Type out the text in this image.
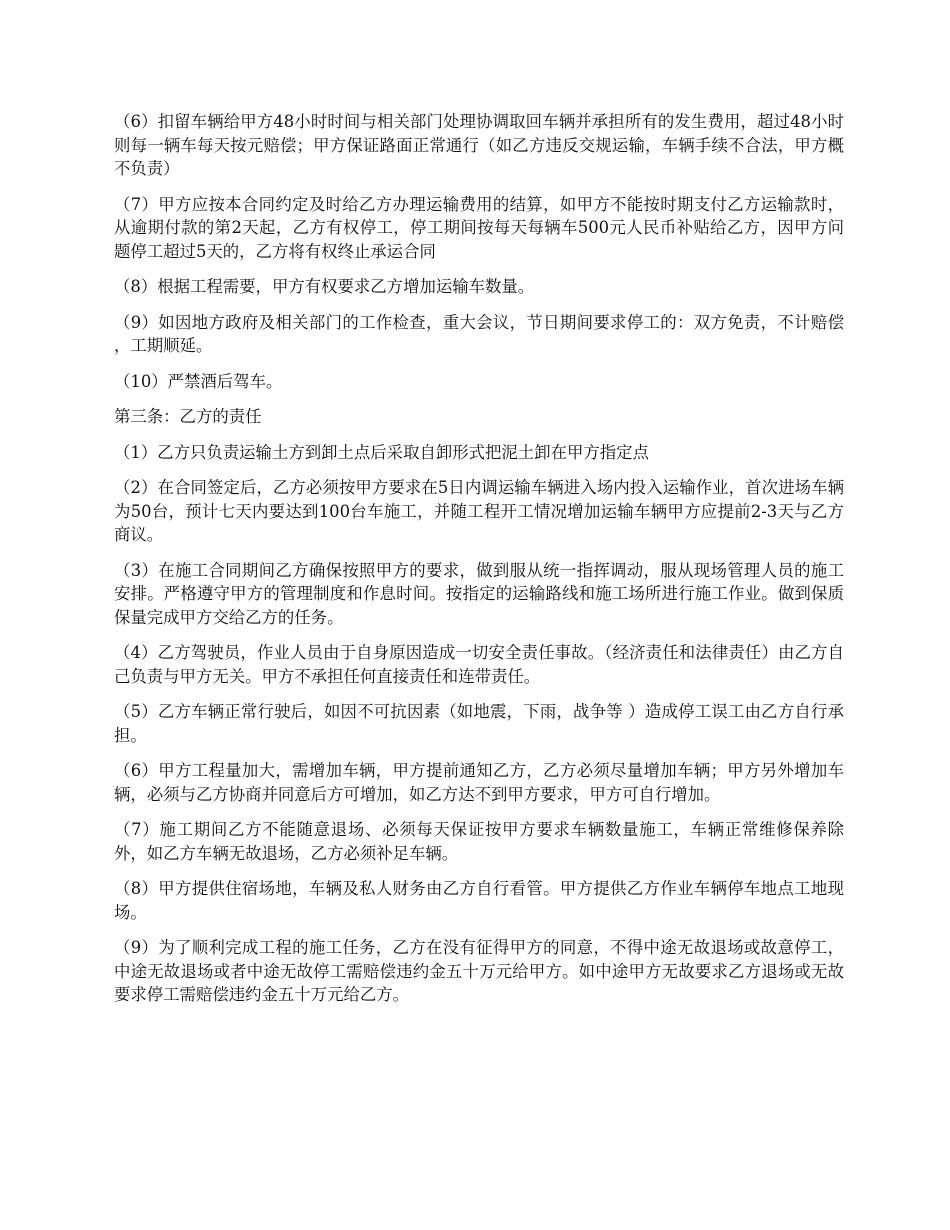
（6）扣留车辆给甲方48小时时间与相关部门处理协调取回车辆并承担所有的发生费用，超过48小时则每一辆车每天按元赔偿；甲方保证路面正常通行（如乙方违反交规运输，车辆手续不合法，甲方概不负责）

（7）甲方应按本合同约定及时给乙方办理运输费用的结算，如甲方不能按时期支付乙方运输款时，从逾期付款的第2天起，乙方有权停工，停工期间按每天每辆车500元人民币补贴给乙方，因甲方问题停工超过5天的，乙方将有权终止承运合同

（8）根据工程需要，甲方有权要求乙方增加运输车数量。

（9）如因地方政府及相关部门的工作检查，重大会议，节日期间要求停工的：双方免责，不计赔偿 ，工期顺延。

（10）严禁酒后驾车。

第三条：乙方的责任

（1）乙方只负责运输土方到卸土点后采取自卸形式把泥土卸在甲方指定点

（2）在合同签定后，乙方必须按甲方要求在5日内调运输车辆进入场内投入运输作业，首次进场车辆为50台，预计七天内要达到100台车施工，并随工程开工情况增加运输车辆甲方应提前2-3天与乙方商议。

（3）在施工合同期间乙方确保按照甲方的要求，做到服从统一指挥调动，服从现场管理人员的施工安排。严格遵守甲方的管理制度和作息时间。按指定的运输路线和施工场所进行施工作业。做到保质保量完成甲方交给乙方的任务。

（4）乙方驾驶员，作业人员由于自身原因造成一切安全责任事故。（经济责任和法律责任）由乙方自己负责与甲方无关。甲方不承担任何直接责任和连带责任。

（5）乙方车辆正常行驶后，如因不可抗因素（如地震，下雨，战争等 ）造成停工误工由乙方自行承担。

（6）甲方工程量加大，需增加车辆，甲方提前通知乙方，乙方必须尽量增加车辆；甲方另外增加车辆，必须与乙方协商并同意后方可增加，如乙方达不到甲方要求，甲方可自行增加。

（7）施工期间乙方不能随意退场、必须每天保证按甲方要求车辆数量施工，车辆正常维修保养除外，如乙方车辆无故退场，乙方必须补足车辆。

（8）甲方提供住宿场地，车辆及私人财务由乙方自行看管。甲方提供乙方作业车辆停车地点工地现场。

（9）为了顺利完成工程的施工任务，乙方在没有征得甲方的同意，不得中途无故退场或故意停工，中途无故退场或者中途无故停工需赔偿违约金五十万元给甲方。如中途甲方无故要求乙方退场或无故要求停工需赔偿违约金五十万元给乙方。
